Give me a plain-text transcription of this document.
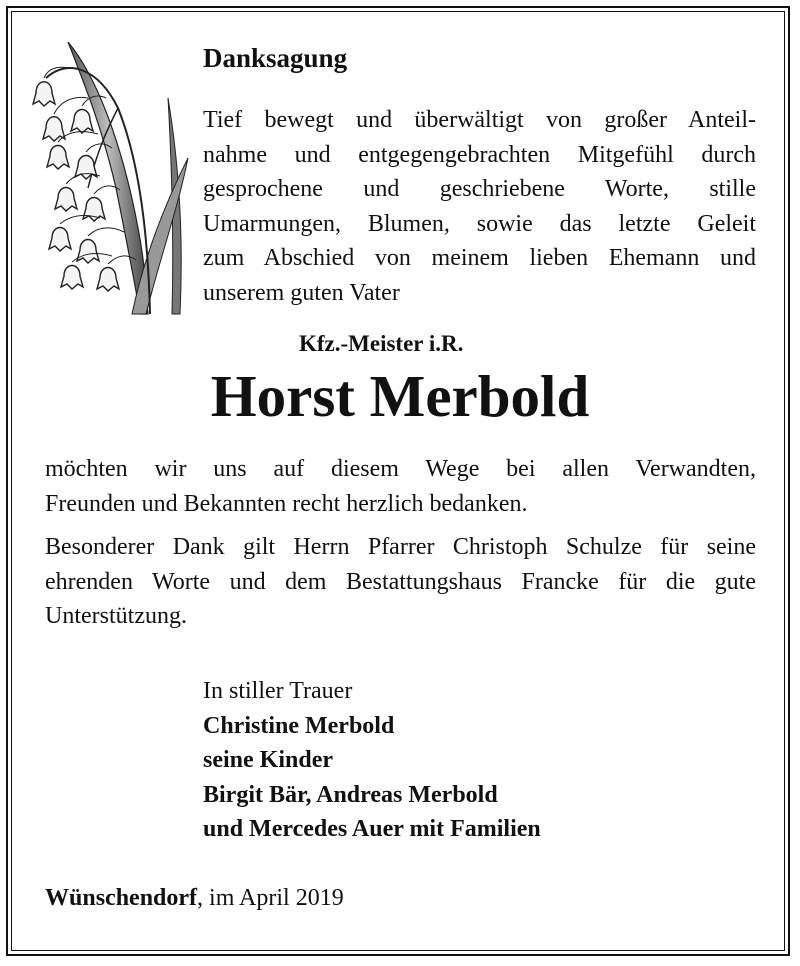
Danksagung

Tief bewegt und überwältigt von großer Anteil-
nahme und entgegengebrachten Mitgefühl durch
gesprochene und geschriebene Worte, stille
Umarmungen, Blumen, sowie das letzte Geleit
zum Abschied von meinem lieben Ehemann und
unserem guten Vater

Kfz.-Meister i.R.

Horst Merbold

möchten wir uns auf diesem Wege bei allen Verwandten,
Freunden und Bekannten recht herzlich bedanken.

Besonderer Dank gilt Herrn Pfarrer Christoph Schulze für seine
ehrenden Worte und dem Bestattungshaus Francke für die gute
Unterstützung.

In stiller Trauer
Christine Merbold
seine Kinder
Birgit Bär, Andreas Merbold
und Mercedes Auer mit Familien

Wünschendorf, im April 2019
